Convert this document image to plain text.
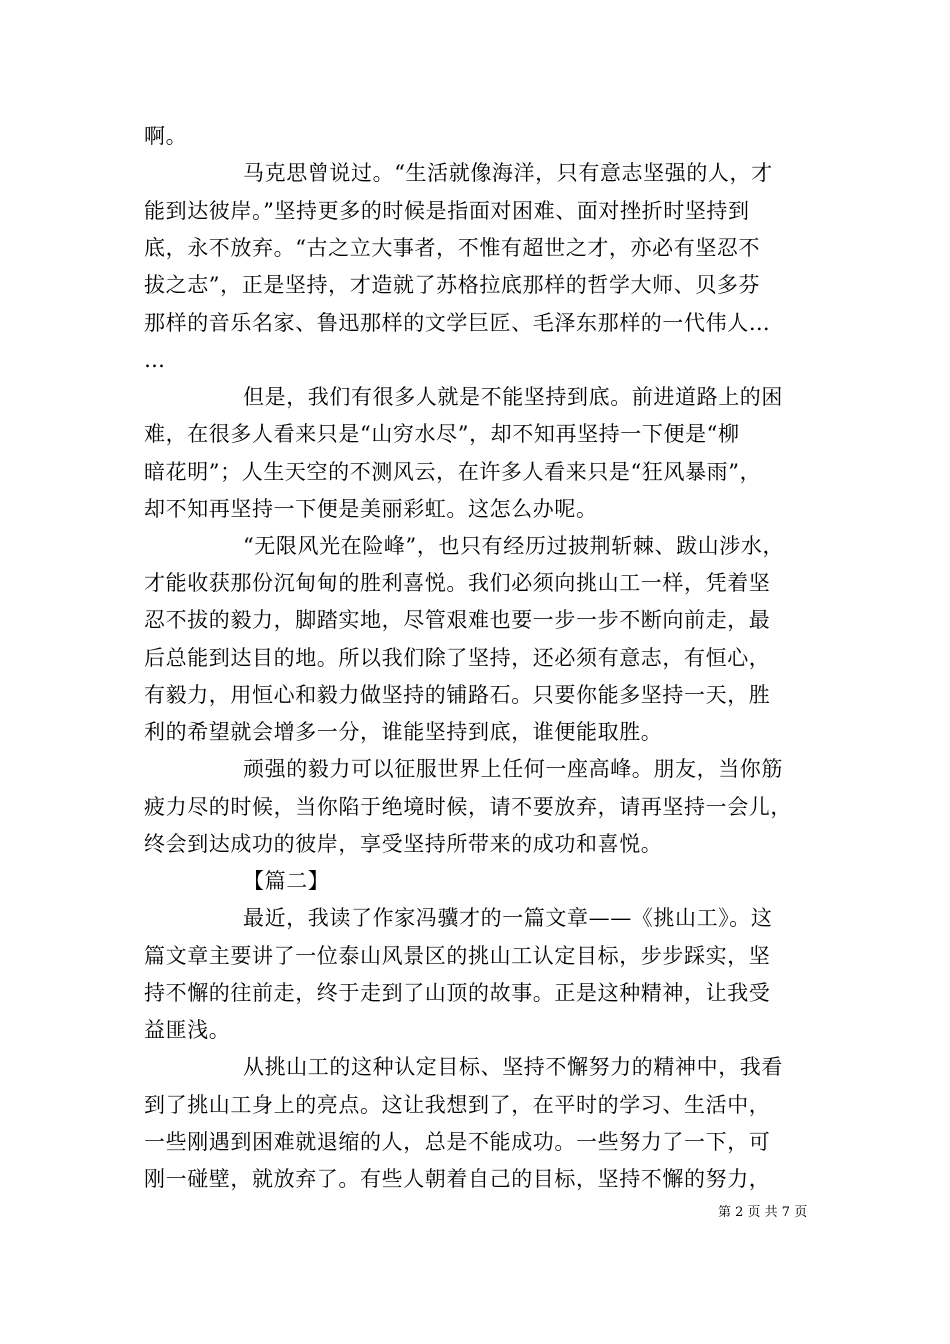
啊。
马克思曾说过。“生活就像海洋，只有意志坚强的人，才
能到达彼岸。”坚持更多的时候是指面对困难、面对挫折时坚持到
底，永不放弃。“古之立大事者，不惟有超世之才，亦必有坚忍不
拔之志”，正是坚持，才造就了苏格拉底那样的哲学大师、贝多芬
那样的音乐名家、鲁迅那样的文学巨匠、毛泽东那样的一代伟人…
…
但是，我们有很多人就是不能坚持到底。前进道路上的困
难，在很多人看来只是“山穷水尽”，却不知再坚持一下便是“柳
暗花明”；人生天空的不测风云，在许多人看来只是“狂风暴雨”，
却不知再坚持一下便是美丽彩虹。这怎么办呢。
“无限风光在险峰”，也只有经历过披荆斩棘、跋山涉水，
才能收获那份沉甸甸的胜利喜悦。我们必须向挑山工一样，凭着坚
忍不拔的毅力，脚踏实地，尽管艰难也要一步一步不断向前走，最
后总能到达目的地。所以我们除了坚持，还必须有意志，有恒心，
有毅力，用恒心和毅力做坚持的铺路石。只要你能多坚持一天，胜
利的希望就会增多一分，谁能坚持到底，谁便能取胜。
顽强的毅力可以征服世界上任何一座高峰。朋友，当你筋
疲力尽的时候，当你陷于绝境时候，请不要放弃，请再坚持一会儿，
终会到达成功的彼岸，享受坚持所带来的成功和喜悦。
【篇二】
最近，我读了作家冯骥才的一篇文章——《挑山工》。这
篇文章主要讲了一位泰山风景区的挑山工认定目标，步步踩实，坚
持不懈的往前走，终于走到了山顶的故事。正是这种精神，让我受
益匪浅。
从挑山工的这种认定目标、坚持不懈努力的精神中，我看
到了挑山工身上的亮点。这让我想到了，在平时的学习、生活中，
一些刚遇到困难就退缩的人，总是不能成功。一些努力了一下，可
刚一碰壁，就放弃了。有些人朝着自己的目标，坚持不懈的努力，
第 2 页 共 7 页
